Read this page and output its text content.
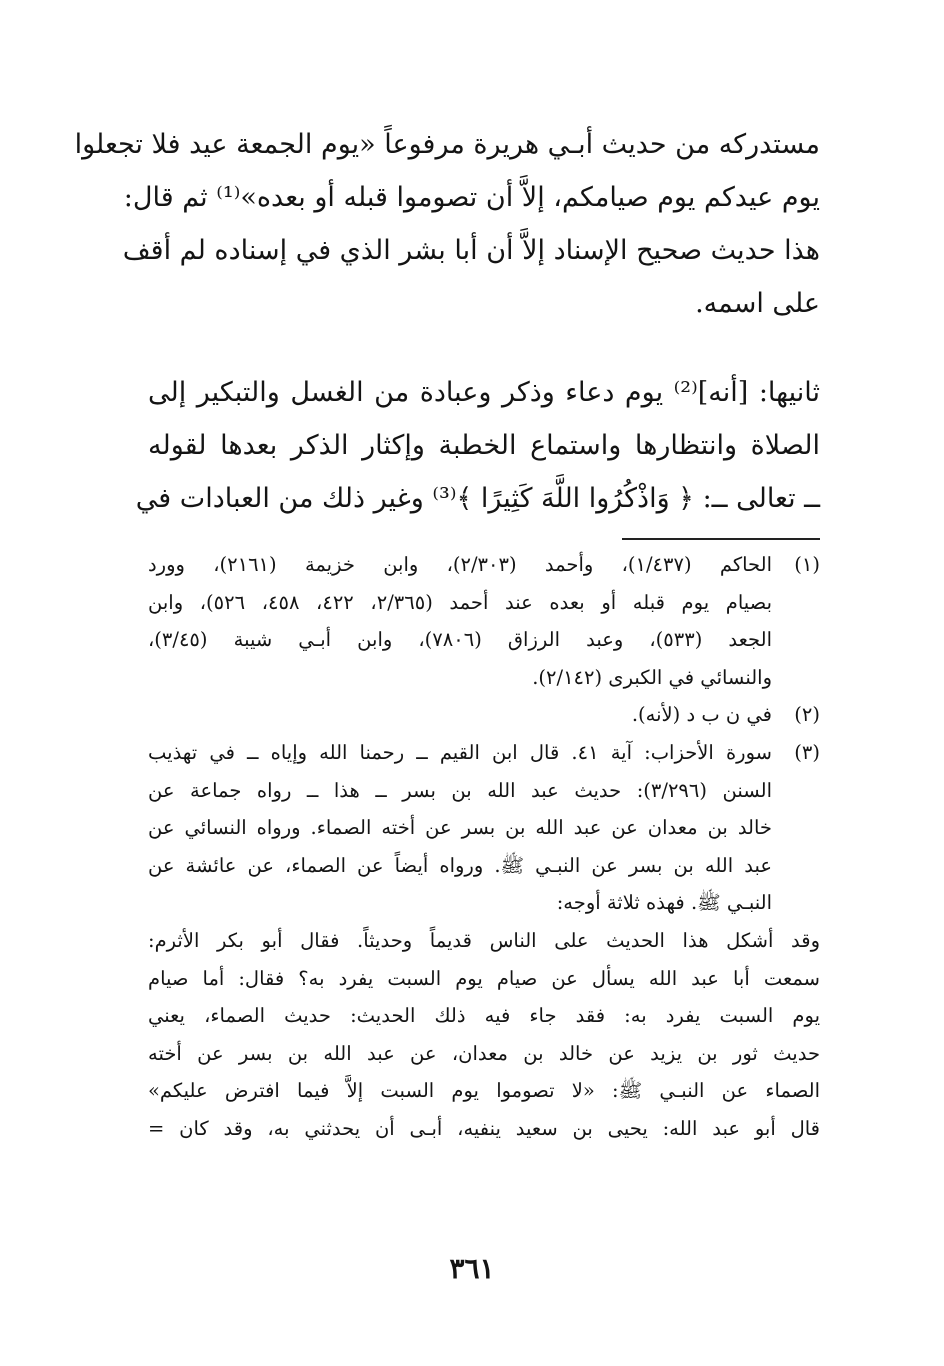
مستدركه من حديث أبـي هريرة مرفوعاً «يوم الجمعة عيد فلا تجعلوا
يوم عيدكم يوم صيامكم، إلاَّ أن تصوموا قبله أو بعده»⁽¹⁾ ثم قال:
هذا حديث صحيح الإسناد إلاَّ أن أبا بشر الذي في إسناده لم أقف
على اسمه.
ثانيها: [أنه]⁽²⁾ يوم دعاء وذكر وعبادة من الغسل والتبكير إلى
الصلاة وانتظارها واستماع الخطبة وإكثار الذكر بعدها لقوله
ــ تعالى ــ: ﴿ وَاذْكُرُوا اللَّهَ كَثِيرًا ﴾⁽³⁾ وغير ذلك من العبادات في
(١)
الحاكم (١/٤٣٧)، وأحمد (٢/٣٠٣)، وابن خزيمة (٢١٦١)، وورد
بصيام يوم قبله أو بعده عند أحمد (٢/٣٦٥، ٤٢٢، ٤٥٨، ٥٢٦)، وابن
الجعد (٥٣٣)، وعبد الرزاق (٧٨٠٦)، وابن أبـي شيبة (٣/٤٥)،
والنسائي في الكبرى (٢/١٤٢).
(٢)
في ن ب د (لأنه).
(٣)
سورة الأحزاب: آية ٤١. قال ابن القيم ــ رحمنا الله وإياه ــ في تهذيب
السنن (٣/٢٩٦): حديث عبد الله بن بسر ــ هذا ــ رواه جماعة عن
خالد بن معدان عن عبد الله بن بسر عن أخته الصماء. ورواه النسائي عن
عبد الله بن بسر عن النبـي ﷺ. ورواه أيضاً عن الصماء، عن عائشة عن
النبـي ﷺ. فهذه ثلاثة أوجه:
وقد أشكل هذا الحديث على الناس قديماً وحديثاً. فقال أبو بكر الأثرم:
سمعت أبا عبد الله يسأل عن صيام يوم السبت يفرد به؟ فقال: أما صيام
يوم السبت يفرد به: فقد جاء فيه ذلك الحديث: حديث الصماء، يعني
حديث ثور بن يزيد عن خالد بن معدان، عن عبد الله بن بسر عن أخته
الصماء عن النبـي ﷺ: «لا تصوموا يوم السبت إلاَّ فيما افترض عليكم»
قال أبو عبد الله: يحيى بن سعيد ينفيه، أبـى أن يحدثني به، وقد كان =
٣٦١
